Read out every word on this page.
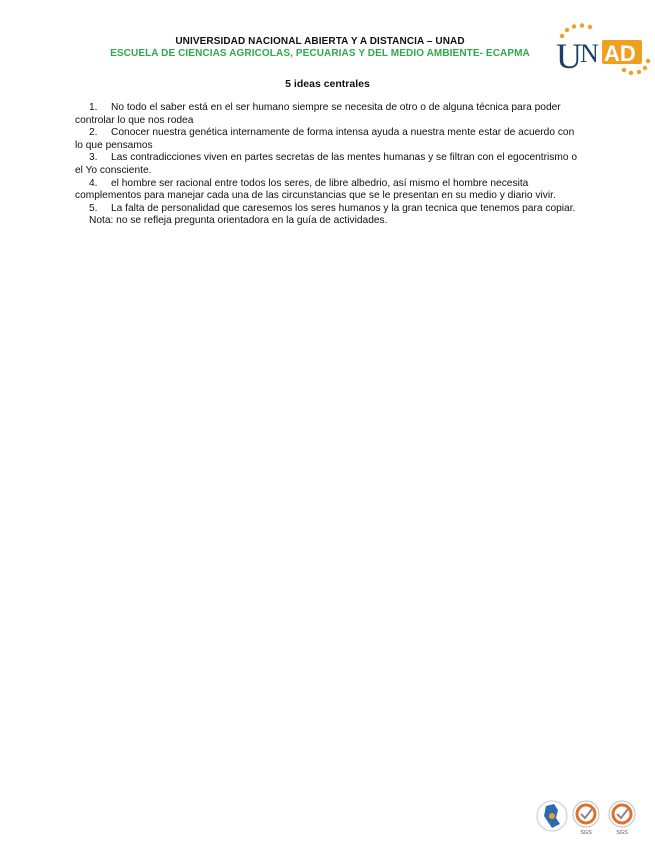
UNIVERSIDAD NACIONAL ABIERTA Y A DISTANCIA – UNAD
ESCUELA DE CIENCIAS AGRICOLAS, PECUARIAS Y DEL MEDIO AMBIENTE- ECAPMA U
N AD
5 ideas centrales

1. No todo el saber está en el ser humano siempre se necesita de otro o de alguna técnica para poder controlar lo que nos rodea

2. Conocer nuestra genética internamente de forma intensa ayuda a nuestra mente estar de acuerdo con lo que pensamos

3. Las contradicciones viven en partes secretas de las mentes humanas y se filtran con el egocentrismo o el Yo consciente.

4. el hombre ser racional entre todos los seres, de libre albedrio, así mismo el hombre necesita complementos para manejar cada una de las circunstancias que se le presentan en su medio y diario vivir.

5. La falta de personalidad que caresemos los seres humanos y la gran tecnica que tenemos para copiar.

Nota: no se refleja pregunta orientadora en la guía de actividades.

SGS	SGS
